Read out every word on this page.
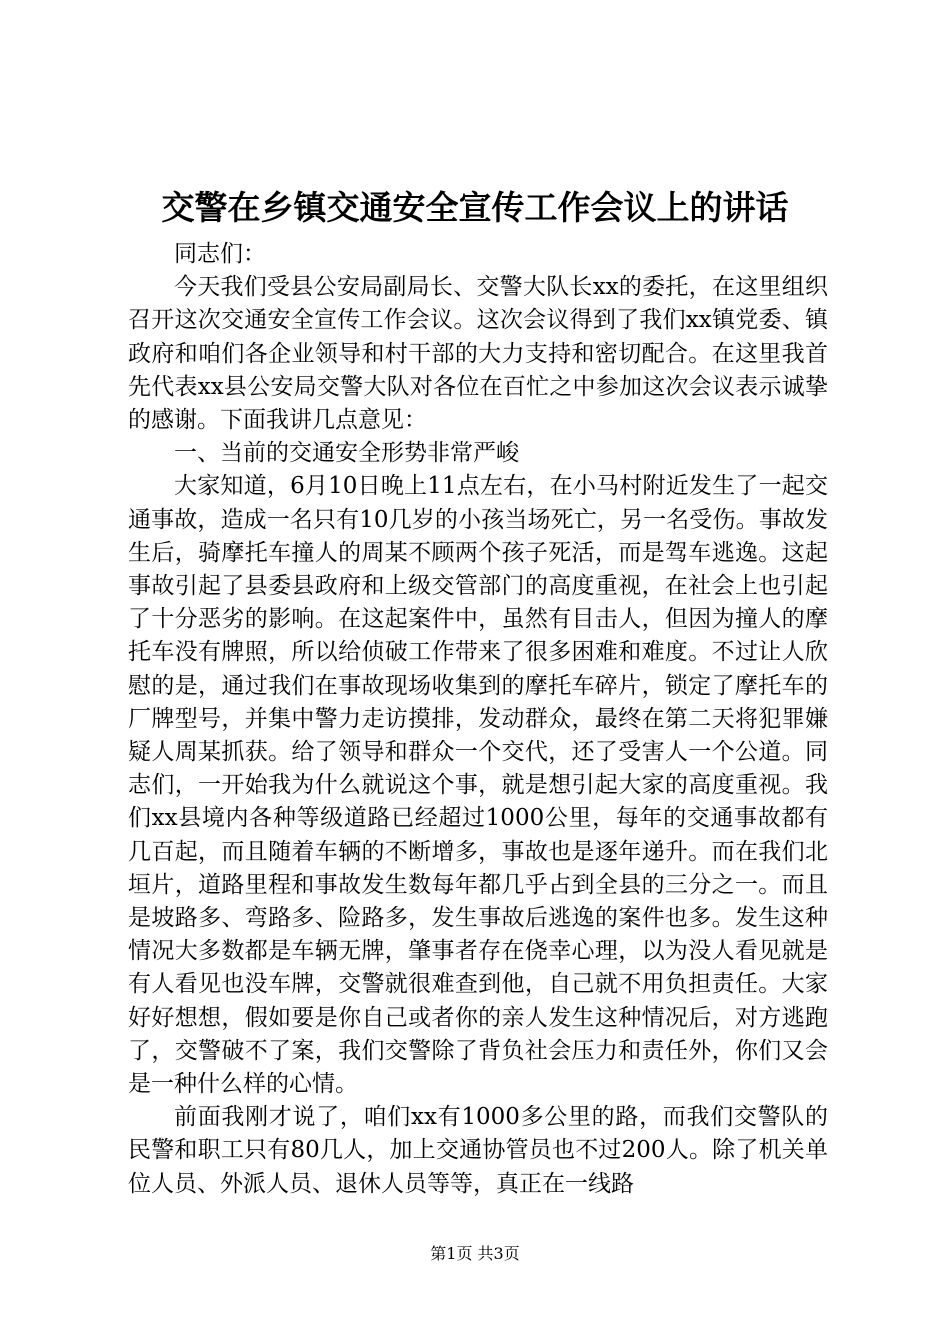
交警在乡镇交通安全宣传工作会议上的讲话

同志们：

今天我们受县公安局副局长、交警大队长xx的委托，在这里组织召开这次交通安全宣传工作会议。这次会议得到了我们xx镇党委、镇政府和咱们各企业领导和村干部的大力支持和密切配合。在这里我首先代表xx县公安局交警大队对各位在百忙之中参加这次会议表示诚挚的感谢。下面我讲几点意见：

一、当前的交通安全形势非常严峻

大家知道，6月10日晚上11点左右，在小马村附近发生了一起交通事故，造成一名只有10几岁的小孩当场死亡，另一名受伤。事故发生后，骑摩托车撞人的周某不顾两个孩子死活，而是驾车逃逸。这起事故引起了县委县政府和上级交管部门的高度重视，在社会上也引起了十分恶劣的影响。在这起案件中，虽然有目击人，但因为撞人的摩托车没有牌照，所以给侦破工作带来了很多困难和难度。不过让人欣慰的是，通过我们在事故现场收集到的摩托车碎片，锁定了摩托车的厂牌型号，并集中警力走访摸排，发动群众，最终在第二天将犯罪嫌疑人周某抓获。给了领导和群众一个交代，还了受害人一个公道。同志们，一开始我为什么就说这个事，就是想引起大家的高度重视。我们xx县境内各种等级道路已经超过1000公里，每年的交通事故都有几百起，而且随着车辆的不断增多，事故也是逐年递升。而在我们北垣片，道路里程和事故发生数每年都几乎占到全县的三分之一。而且是坡路多、弯路多、险路多，发生事故后逃逸的案件也多。发生这种情况大多数都是车辆无牌，肇事者存在侥幸心理，以为没人看见就是有人看见也没车牌，交警就很难查到他，自己就不用负担责任。大家好好想想，假如要是你自己或者你的亲人发生这种情况后，对方逃跑了，交警破不了案，我们交警除了背负社会压力和责任外，你们又会是一种什么样的心情。

前面我刚才说了，咱们xx有1000多公里的路，而我们交警队的民警和职工只有80几人，加上交通协管员也不过200人。除了机关单位人员、外派人员、退休人员等等，真正在一线路

第1页 共3页
